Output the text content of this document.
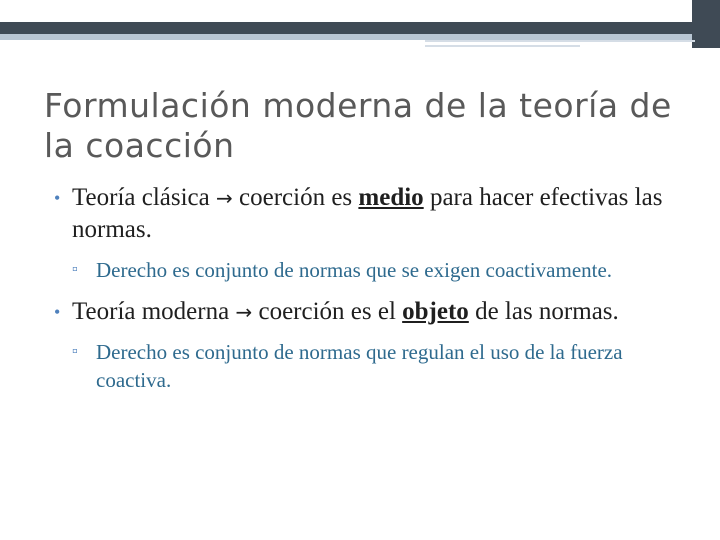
Formulación moderna de la teoría de la coacción
• Teoría clásica → coerción es medio para hacer efectivas las normas.
▫ Derecho es conjunto de normas que se exigen coactivamente.
• Teoría moderna → coerción es el objeto de las normas.
▫ Derecho es conjunto de normas que regulan el uso de la fuerza coactiva.
